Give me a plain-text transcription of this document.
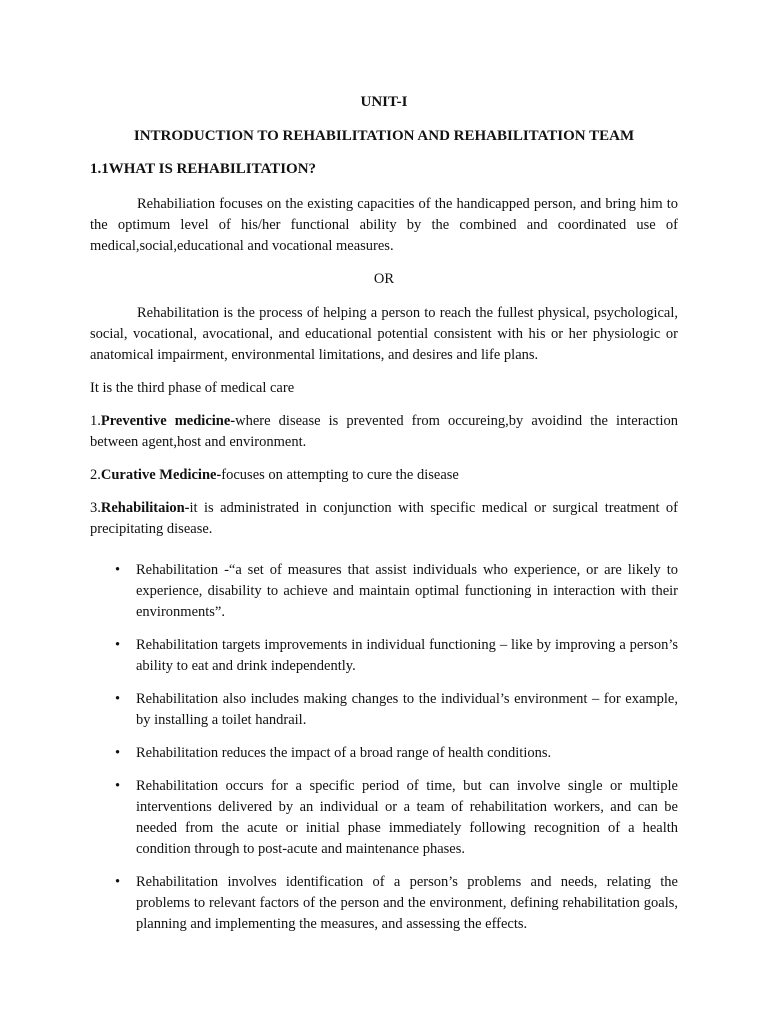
UNIT-I
INTRODUCTION TO REHABILITATION AND REHABILITATION TEAM
1.1WHAT IS REHABILITATION?

Rehabiliation focuses on the existing capacities of the handicapped person, and bring him to the optimum level of his/her functional ability by the combined and coordinated use of medical,social,educational and vocational measures.

OR

Rehabilitation is the process of helping a person to reach the fullest physical, psychological, social, vocational, avocational, and educational potential consistent with his or her physiologic or anatomical impairment, environmental limitations, and desires and life plans.

It is the third phase of medical care

1.Preventive medicine-where disease is prevented from occureing,by avoidind the interaction between agent,host and environment.

2.Curative Medicine-focuses on attempting to cure the disease

3.Rehabilitaion-it is administrated in conjunction with specific medical or surgical treatment of precipitating disease.

• Rehabilitation -“a set of measures that assist individuals who experience, or are likely to experience, disability to achieve and maintain optimal functioning in interaction with their environments”.
• Rehabilitation targets improvements in individual functioning – like by improving a person’s ability to eat and drink independently.
• Rehabilitation also includes making changes to the individual’s environment – for example, by installing a toilet handrail.
• Rehabilitation reduces the impact of a broad range of health conditions.
• Rehabilitation occurs for a specific period of time, but can involve single or multiple interventions delivered by an individual or a team of rehabilitation workers, and can be needed from the acute or initial phase immediately following recognition of a health condition through to post-acute and maintenance phases.
• Rehabilitation involves identification of a person’s problems and needs, relating the problems to relevant factors of the person and the environment, defining rehabilitation goals, planning and implementing the measures, and assessing the effects.
